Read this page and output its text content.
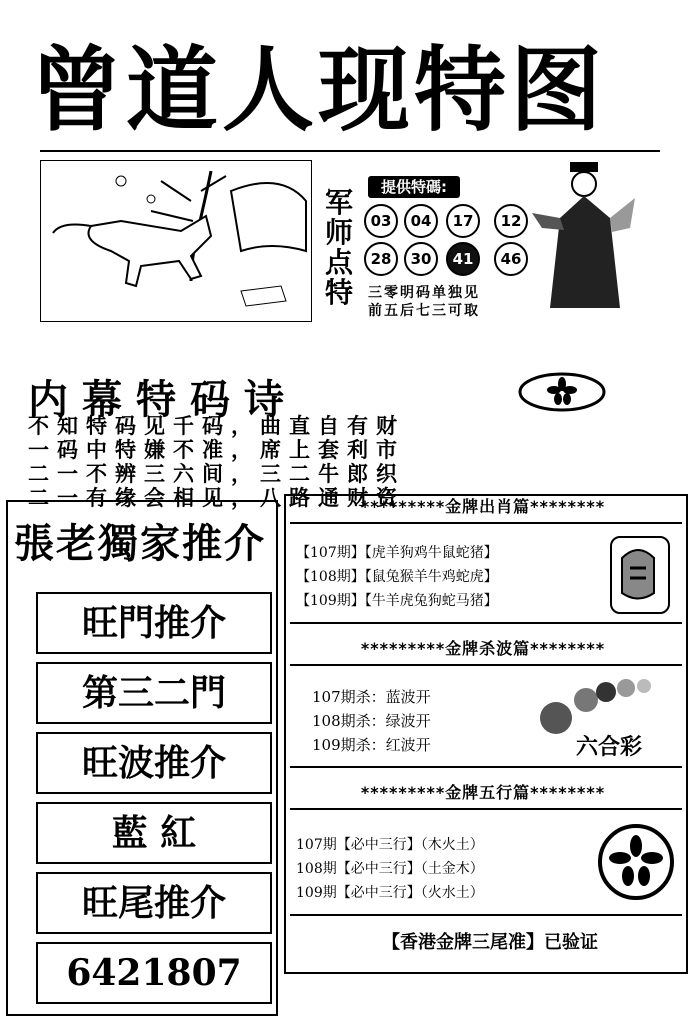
曾道人现特图
军
师
点
特
提供特碼:
03	04	17	12
28	30	41	46
三零明码单独见
前五后七三可取
内幕特码诗
不知特码见千码，曲直自有财
一码中特嫌不准，席上套利市
二一不辨三六间，三二牛郎织
二一有缘会相见，八路通财资
張老獨家推介
旺門推介
第三二門
旺波推介
藍 紅
旺尾推介
6421807
*********金牌出肖篇********
【107期】【虎羊狗鸡牛鼠蛇猪】
【108期】【鼠兔猴羊牛鸡蛇虎】
【109期】【牛羊虎兔狗蛇马猪】
*********金牌杀波篇********
107期杀：蓝波开
108期杀：绿波开
109期杀：红波开	六合彩
*********金牌五行篇********
107期【必中三行】（木火土）
108期【必中三行】（土金木）
109期【必中三行】（火水土）
【香港金牌三尾准】已验证
